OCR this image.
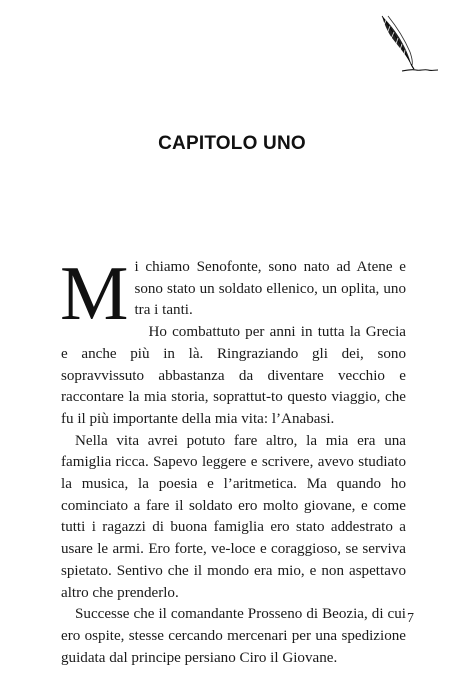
CAPITOLO UNO

Mi chiamo Senofonte, sono nato ad Atene e sono stato un soldato ellenico, un oplita, uno tra i tanti.

Ho combattuto per anni in tutta la Grecia e anche più in là. Ringraziando gli dei, sono sopravvissuto abbastanza da diventare vecchio e raccontare la mia storia, soprattut-to questo viaggio, che fu il più importante della mia vita: l’Anabasi.

Nella vita avrei potuto fare altro, la mia era una famiglia ricca. Sapevo leggere e scrivere, avevo studiato la musica, la poesia e l’aritmetica. Ma quando ho cominciato a fare il soldato ero molto giovane, e come tutti i ragazzi di buona famiglia ero stato addestrato a usare le armi. Ero forte, ve-loce e coraggioso, se serviva spietato. Sentivo che il mondo era mio, e non aspettavo altro che prenderlo.

Successe che il comandante Prosseno di Beozia, di cui ero ospite, stesse cercando mercenari per una spedizione guidata dal principe persiano Ciro il Giovane.

7
